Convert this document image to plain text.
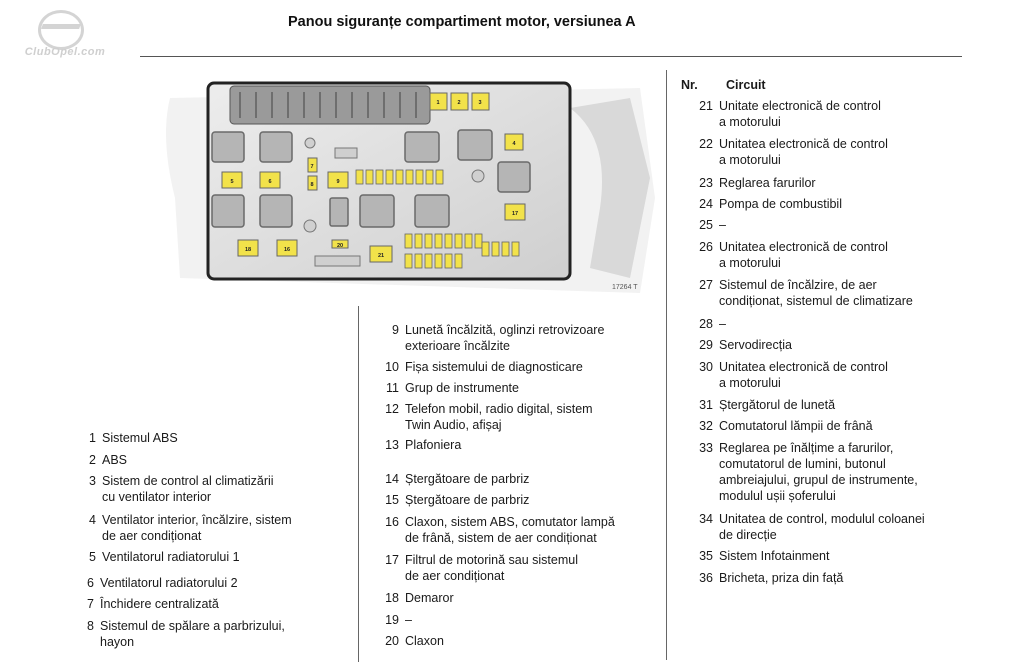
ClubOpel.com
Panou siguranțe compartiment motor, versiunea A
1	2	3
4
5	6
7
8	9
17
18	16
20
21
17264 T
Nr. Circuit
1 Sistemul ABS
2 ABS
3 Sistem de control al climatizării
cu ventilator interior
4 Ventilator interior, încălzire, sistem
de aer condiționat
5 Ventilatorul radiatorului 1
6 Ventilatorul radiatorului 2
7 Închidere centralizată
8 Sistemul de spălare a parbrizului,
hayon
9 Lunetă încălzită, oglinzi retrovizoare
exterioare încălzite
10 Fișa sistemului de diagnosticare
11 Grup de instrumente
12 Telefon mobil, radio digital, sistem
Twin Audio, afișaj
13 Plafoniera
14 Ștergătoare de parbriz
15 Ștergătoare de parbriz
16 Claxon, sistem ABS, comutator lampă
de frână, sistem de aer condiționat
17 Filtrul de motorină sau sistemul
de aer condiționat
18 Demaror
19 –
20 Claxon
21 Unitate electronică de control
a motorului
22 Unitatea electronică de control
a motorului
23 Reglarea farurilor
24 Pompa de combustibil
25 –
26 Unitatea electronică de control
a motorului
27 Sistemul de încălzire, de aer
condiționat, sistemul de climatizare
28 –
29 Servodirecția
30 Unitatea electronică de control
a motorului
31 Ștergătorul de lunetă
32 Comutatorul lămpii de frână
33 Reglarea pe înălțime a farurilor,
comutatorul de lumini, butonul
ambreiajului, grupul de instrumente,
modulul ușii șoferului
34 Unitatea de control, modulul coloanei
de direcție
35 Sistem Infotainment
36 Bricheta, priza din față
